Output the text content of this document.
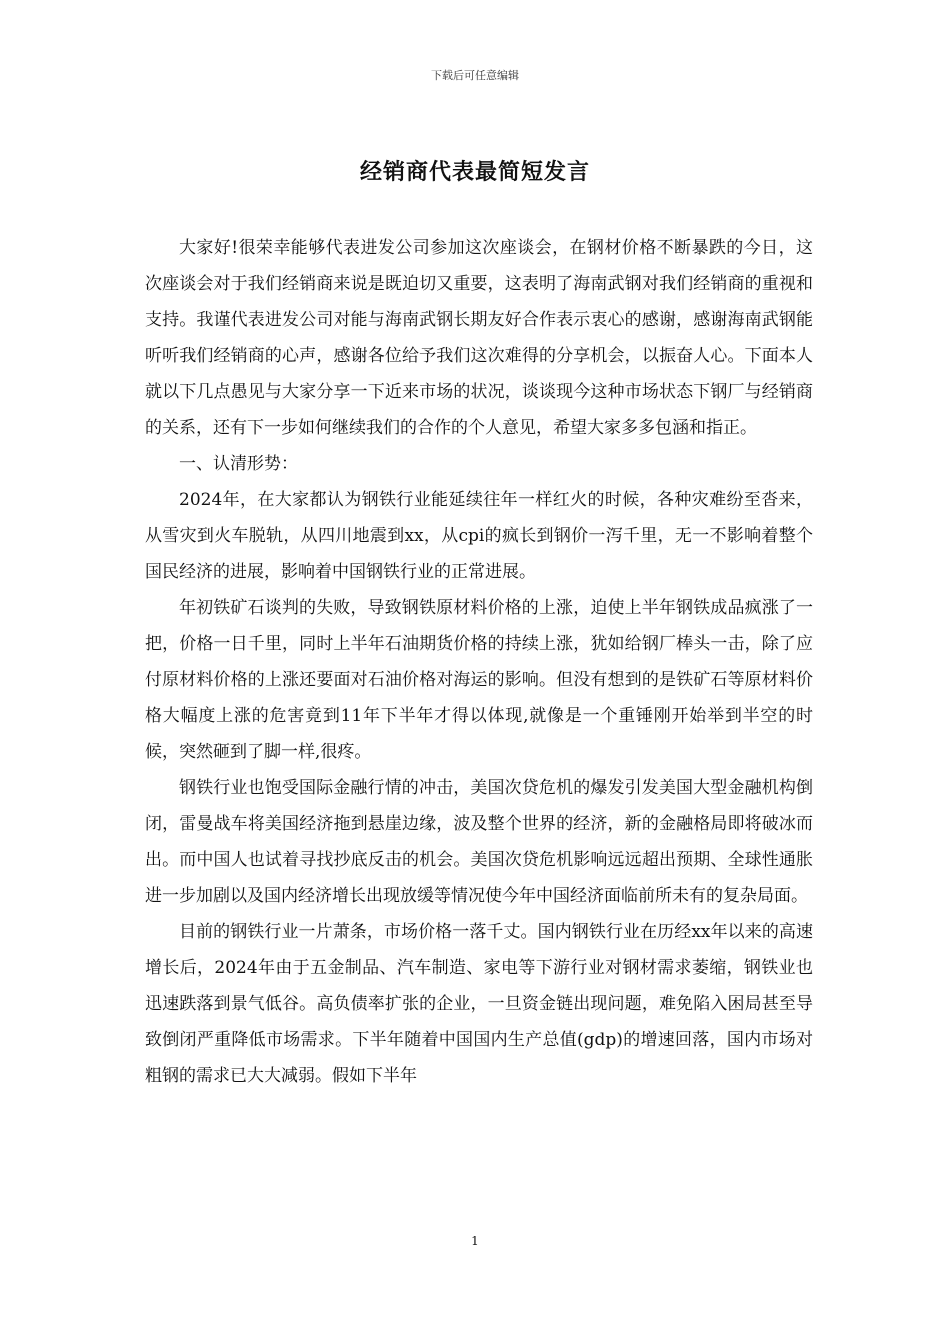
下载后可任意编辑
经销商代表最简短发言

大家好!很荣幸能够代表进发公司参加这次座谈会，在钢材价格不断暴跌的今日，这次座谈会对于我们经销商来说是既迫切又重要，这表明了海南武钢对我们经销商的重视和支持。我谨代表进发公司对能与海南武钢长期友好合作表示衷心的感谢，感谢海南武钢能听听我们经销商的心声，感谢各位给予我们这次难得的分享机会，以振奋人心。下面本人就以下几点愚见与大家分享一下近来市场的状况，谈谈现今这种市场状态下钢厂与经销商的关系，还有下一步如何继续我们的合作的个人意见，希望大家多多包涵和指正。

一、认清形势：

2024年，在大家都认为钢铁行业能延续往年一样红火的时候，各种灾难纷至沓来，从雪灾到火车脱轨，从四川地震到xx，从cpi的疯长到钢价一泻千里，无一不影响着整个国民经济的进展，影响着中国钢铁行业的正常进展。

年初铁矿石谈判的失败，导致钢铁原材料价格的上涨，迫使上半年钢铁成品疯涨了一把，价格一日千里，同时上半年石油期货价格的持续上涨，犹如给钢厂棒头一击，除了应付原材料价格的上涨还要面对石油价格对海运的影响。但没有想到的是铁矿石等原材料价格大幅度上涨的危害竟到11年下半年才得以体现,就像是一个重锤刚开始举到半空的时候，突然砸到了脚一样,很疼。

钢铁行业也饱受国际金融行情的冲击，美国次贷危机的爆发引发美国大型金融机构倒闭，雷曼战车将美国经济拖到悬崖边缘，波及整个世界的经济，新的金融格局即将破冰而出。而中国人也试着寻找抄底反击的机会。美国次贷危机影响远远超出预期、全球性通胀进一步加剧以及国内经济增长出现放缓等情况使今年中国经济面临前所未有的复杂局面。

目前的钢铁行业一片萧条，市场价格一落千丈。国内钢铁行业在历经xx年以来的高速增长后，2024年由于五金制品、汽车制造、家电等下游行业对钢材需求萎缩，钢铁业也迅速跌落到景气低谷。高负债率扩张的企业，一旦资金链出现问题，难免陷入困局甚至导致倒闭严重降低市场需求。下半年随着中国国内生产总值(gdp)的增速回落，国内市场对粗钢的需求已大大减弱。假如下半年

1
